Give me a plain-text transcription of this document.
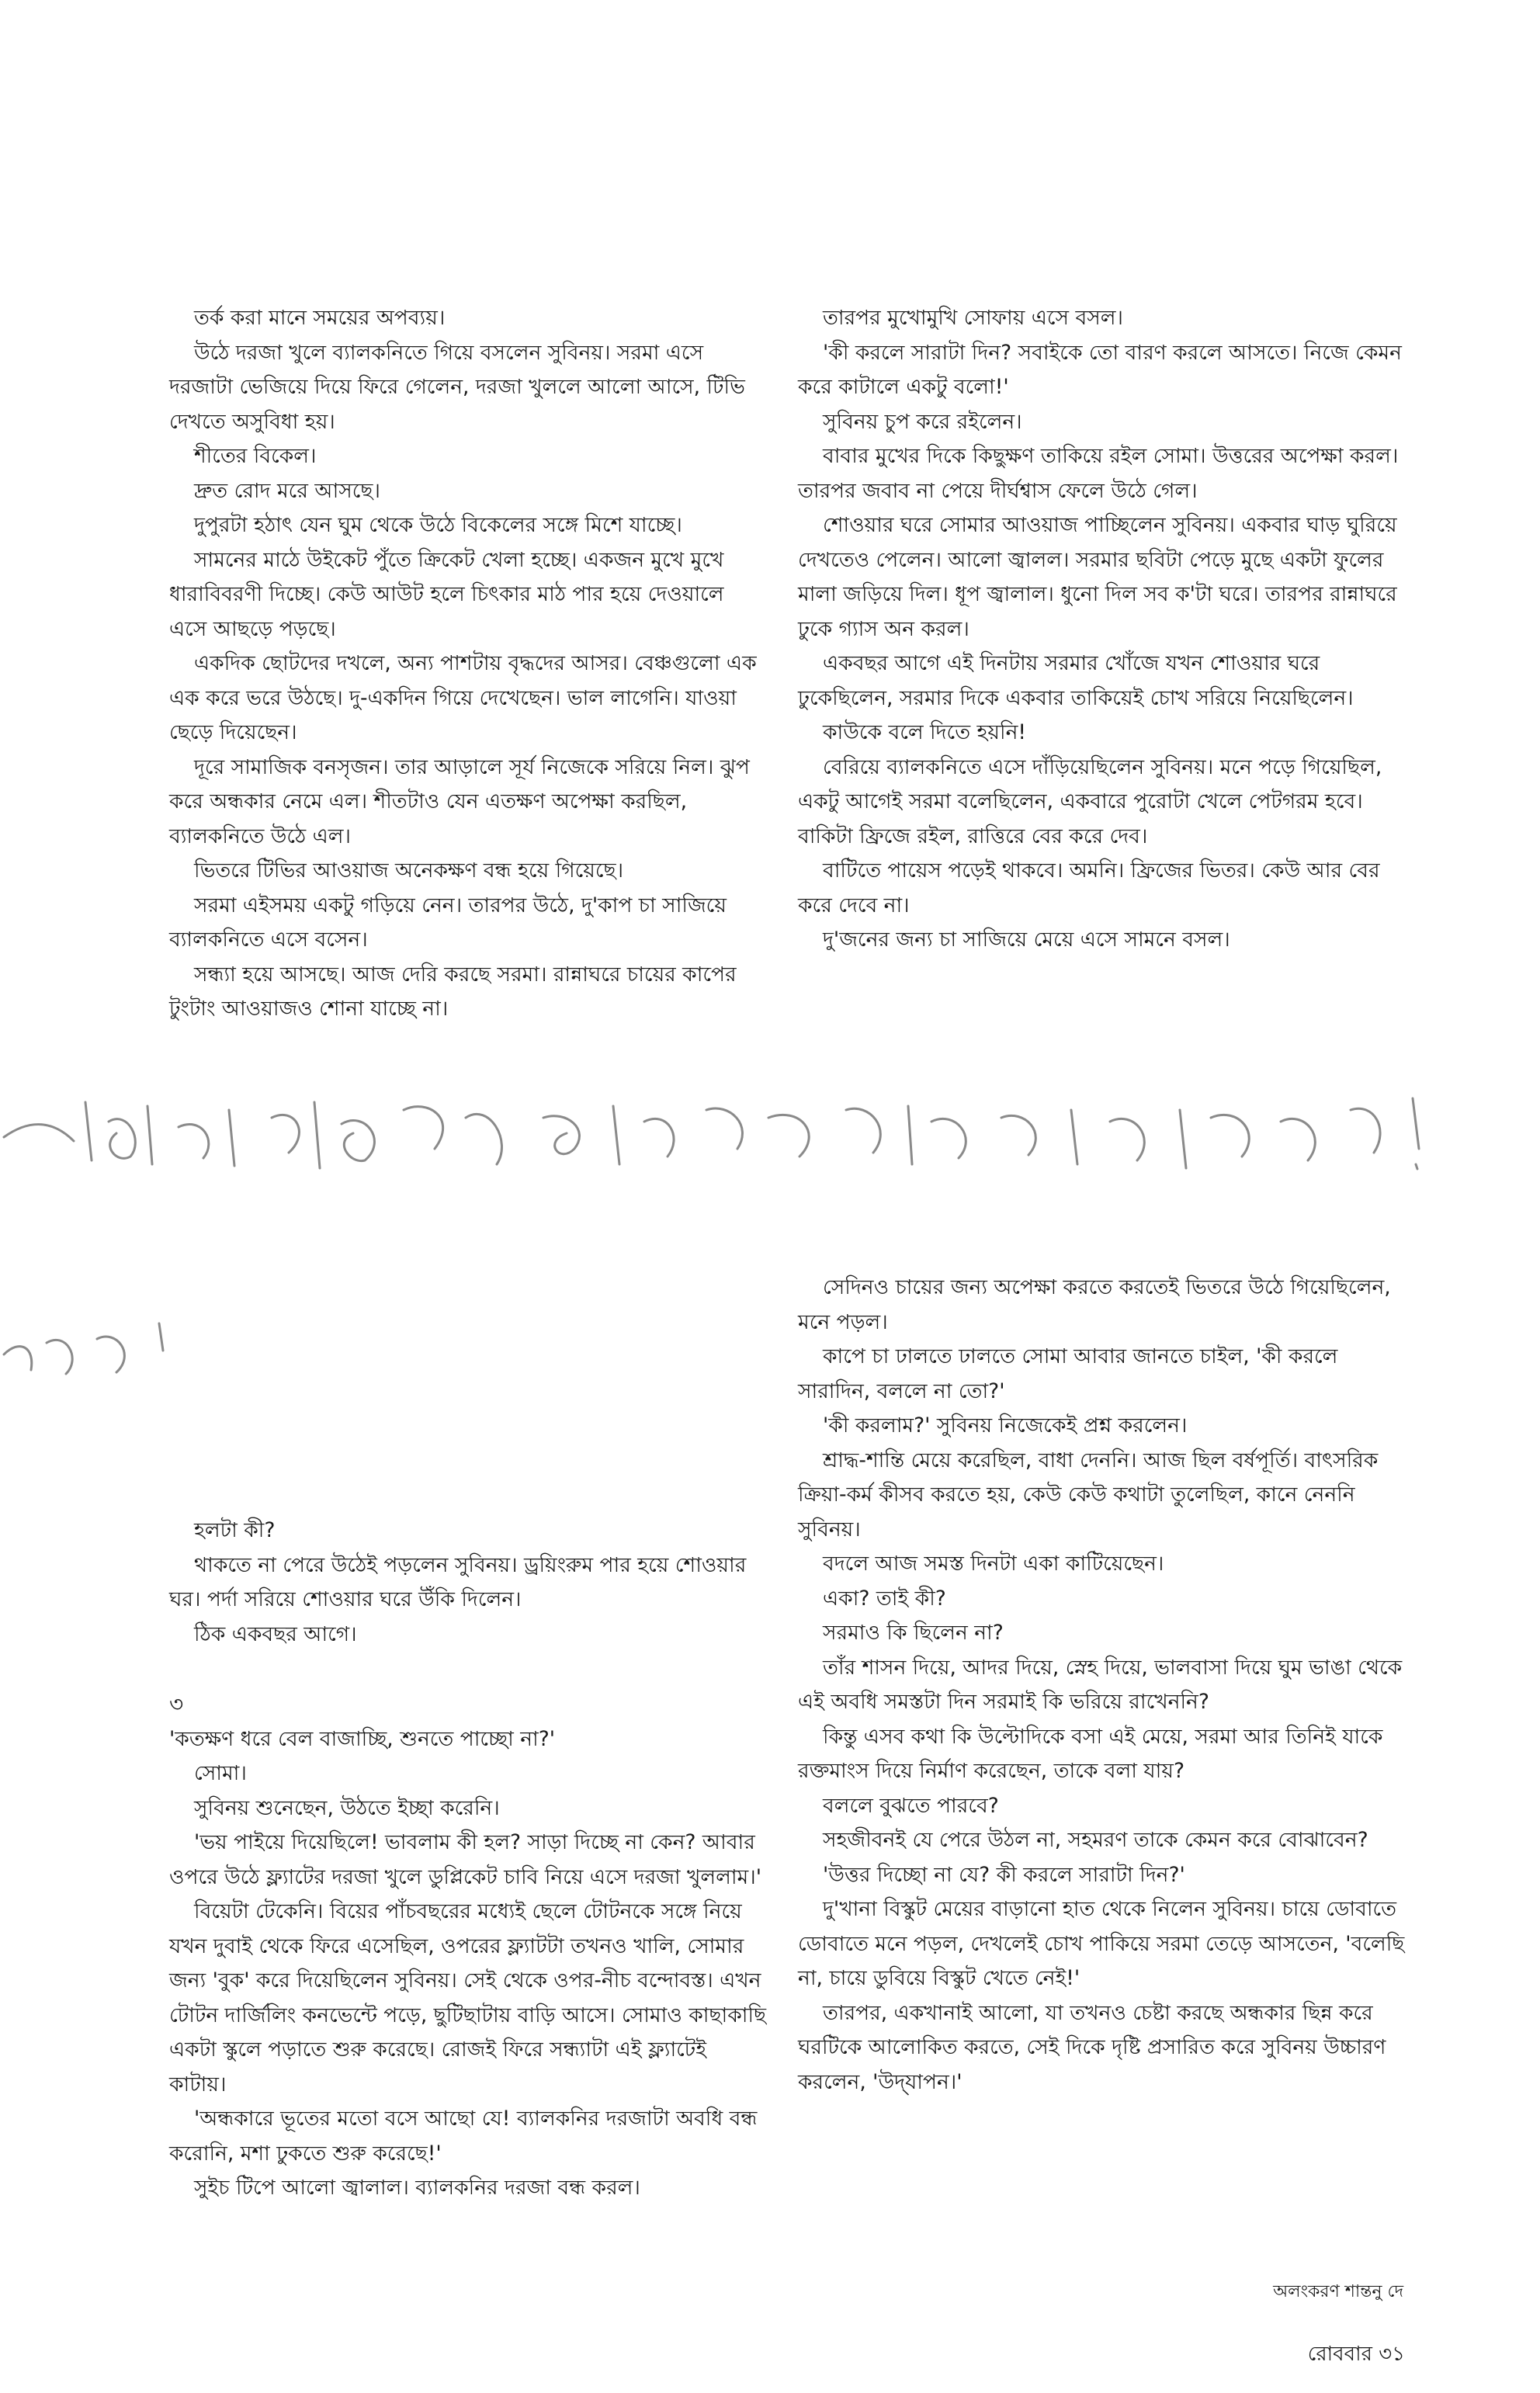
তর্ক করা মানে সময়ের অপব্যয়।

উঠে দরজা খুলে ব্যালকনিতে গিয়ে বসলেন সুবিনয়। সরমা এসে দরজাটা ভেজিয়ে দিয়ে ফিরে গেলেন, দরজা খুললে আলো আসে, টিভি দেখতে অসুবিধা হয়।

শীতের বিকেল।

দ্রুত রোদ মরে আসছে।

দুপুরটা হঠাৎ যেন ঘুম থেকে উঠে বিকেলের সঙ্গে মিশে যাচ্ছে।

সামনের মাঠে উইকেট পুঁতে ক্রিকেট খেলা হচ্ছে। একজন মুখে মুখে ধারাবিবরণী দিচ্ছে। কেউ আউট হলে চিৎকার মাঠ পার হয়ে দেওয়ালে এসে আছড়ে পড়ছে।

একদিক ছোটদের দখলে, অন্য পাশটায় বৃদ্ধদের আসর। বেঞ্চগুলো এক এক করে ভরে উঠছে। দু-একদিন গিয়ে দেখেছেন। ভাল লাগেনি। যাওয়া ছেড়ে দিয়েছেন।

দূরে সামাজিক বনসৃজন। তার আড়ালে সূর্য নিজেকে সরিয়ে নিল। ঝুপ করে অন্ধকার নেমে এল। শীতটাও যেন এতক্ষণ অপেক্ষা করছিল, ব্যালকনিতে উঠে এল।

ভিতরে টিভির আওয়াজ অনেকক্ষণ বন্ধ হয়ে গিয়েছে।

সরমা এইসময় একটু গড়িয়ে নেন। তারপর উঠে, দু'কাপ চা সাজিয়ে ব্যালকনিতে এসে বসেন।

সন্ধ্যা হয়ে আসছে। আজ দেরি করছে সরমা। রান্নাঘরে চায়ের কাপের টুংটাং আওয়াজও শোনা যাচ্ছে না।

তারপর মুখোমুখি সোফায় এসে বসল।

'কী করলে সারাটা দিন? সবাইকে তো বারণ করলে আসতে। নিজে কেমন করে কাটালে একটু বলো!'

সুবিনয় চুপ করে রইলেন।

বাবার মুখের দিকে কিছুক্ষণ তাকিয়ে রইল সোমা। উত্তরের অপেক্ষা করল। তারপর জবাব না পেয়ে দীর্ঘশ্বাস ফেলে উঠে গেল।

শোওয়ার ঘরে সোমার আওয়াজ পাচ্ছিলেন সুবিনয়। একবার ঘাড় ঘুরিয়ে দেখতেও পেলেন। আলো জ্বালল। সরমার ছবিটা পেড়ে মুছে একটা ফুলের মালা জড়িয়ে দিল। ধূপ জ্বালাল। ধুনো দিল সব ক'টা ঘরে। তারপর রান্নাঘরে ঢুকে গ্যাস অন করল।

একবছর আগে এই দিনটায় সরমার খোঁজে যখন শোওয়ার ঘরে ঢুকেছিলেন, সরমার দিকে একবার তাকিয়েই চোখ সরিয়ে নিয়েছিলেন।

কাউকে বলে দিতে হয়নি!

বেরিয়ে ব্যালকনিতে এসে দাঁড়িয়েছিলেন সুবিনয়। মনে পড়ে গিয়েছিল, একটু আগেই সরমা বলেছিলেন, একবারে পুরোটা খেলে পেটগরম হবে। বাকিটা ফ্রিজে রইল, রাত্তিরে বের করে দেব।

বাটিতে পায়েস পড়েই থাকবে। অমনি। ফ্রিজের ভিতর। কেউ আর বের করে দেবে না।

দু'জনের জন্য চা সাজিয়ে মেয়ে এসে সামনে বসল।

হলটা কী?

থাকতে না পেরে উঠেই পড়লেন সুবিনয়। ড্রয়িংরুম পার হয়ে শোওয়ার ঘর। পর্দা সরিয়ে শোওয়ার ঘরে উঁকি দিলেন।

ঠিক একবছর আগে।

৩

'কতক্ষণ ধরে বেল বাজাচ্ছি, শুনতে পাচ্ছো না?'

সোমা।

সুবিনয় শুনেছেন, উঠতে ইচ্ছা করেনি।

'ভয় পাইয়ে দিয়েছিলে! ভাবলাম কী হল? সাড়া দিচ্ছে না কেন? আবার ওপরে উঠে ফ্ল্যাটের দরজা খুলে ডুপ্লিকেট চাবি নিয়ে এসে দরজা খুললাম।'

বিয়েটা টেকেনি। বিয়ের পাঁচবছরের মধ্যেই ছেলে টোটনকে সঙ্গে নিয়ে যখন দুবাই থেকে ফিরে এসেছিল, ওপরের ফ্ল্যাটটা তখনও খালি, সোমার জন্য 'বুক' করে দিয়েছিলেন সুবিনয়। সেই থেকে ওপর-নীচ বন্দোবস্ত। এখন টোটন দার্জিলিং কনভেন্টে পড়ে, ছুটিছাটায় বাড়ি আসে। সোমাও কাছাকাছি একটা স্কুলে পড়াতে শুরু করেছে। রোজই ফিরে সন্ধ্যাটা এই ফ্ল্যাটেই কাটায়।

'অন্ধকারে ভূতের মতো বসে আছো যে! ব্যালকনির দরজাটা অবধি বন্ধ করোনি, মশা ঢুকতে শুরু করেছে!'

সুইচ টিপে আলো জ্বালাল। ব্যালকনির দরজা বন্ধ করল।

সেদিনও চায়ের জন্য অপেক্ষা করতে করতেই ভিতরে উঠে গিয়েছিলেন, মনে পড়ল।

কাপে চা ঢালতে ঢালতে সোমা আবার জানতে চাইল, 'কী করলে সারাদিন, বললে না তো?'

'কী করলাম?' সুবিনয় নিজেকেই প্রশ্ন করলেন।

শ্রাদ্ধ-শান্তি মেয়ে করেছিল, বাধা দেননি। আজ ছিল বর্ষপূর্তি। বাৎসরিক ক্রিয়া-কর্ম কীসব করতে হয়, কেউ কেউ কথাটা তুলেছিল, কানে নেননি সুবিনয়।

বদলে আজ সমস্ত দিনটা একা কাটিয়েছেন।

একা? তাই কী?

সরমাও কি ছিলেন না?

তাঁর শাসন দিয়ে, আদর দিয়ে, স্নেহ দিয়ে, ভালবাসা দিয়ে ঘুম ভাঙা থেকে এই অবধি সমস্তটা দিন সরমাই কি ভরিয়ে রাখেননি?

কিন্তু এসব কথা কি উল্টোদিকে বসা এই মেয়ে, সরমা আর তিনিই যাকে রক্তমাংস দিয়ে নির্মাণ করেছেন, তাকে বলা যায়?

বললে বুঝতে পারবে?

সহজীবনই যে পেরে উঠল না, সহমরণ তাকে কেমন করে বোঝাবেন?

'উত্তর দিচ্ছো না যে? কী করলে সারাটা দিন?'

দু'খানা বিস্কুট মেয়ের বাড়ানো হাত থেকে নিলেন সুবিনয়। চায়ে ডোবাতে ডোবাতে মনে পড়ল, দেখলেই চোখ পাকিয়ে সরমা তেড়ে আসতেন, 'বলেছি না, চায়ে ডুবিয়ে বিস্কুট খেতে নেই!'

তারপর, একখানাই আলো, যা তখনও চেষ্টা করছে অন্ধকার ছিন্ন করে ঘরটিকে আলোকিত করতে, সেই দিকে দৃষ্টি প্রসারিত করে সুবিনয় উচ্চারণ করলেন, 'উদ্‌যাপন।'

অলংকরণ শান্তনু দে
রোববার ৩১
